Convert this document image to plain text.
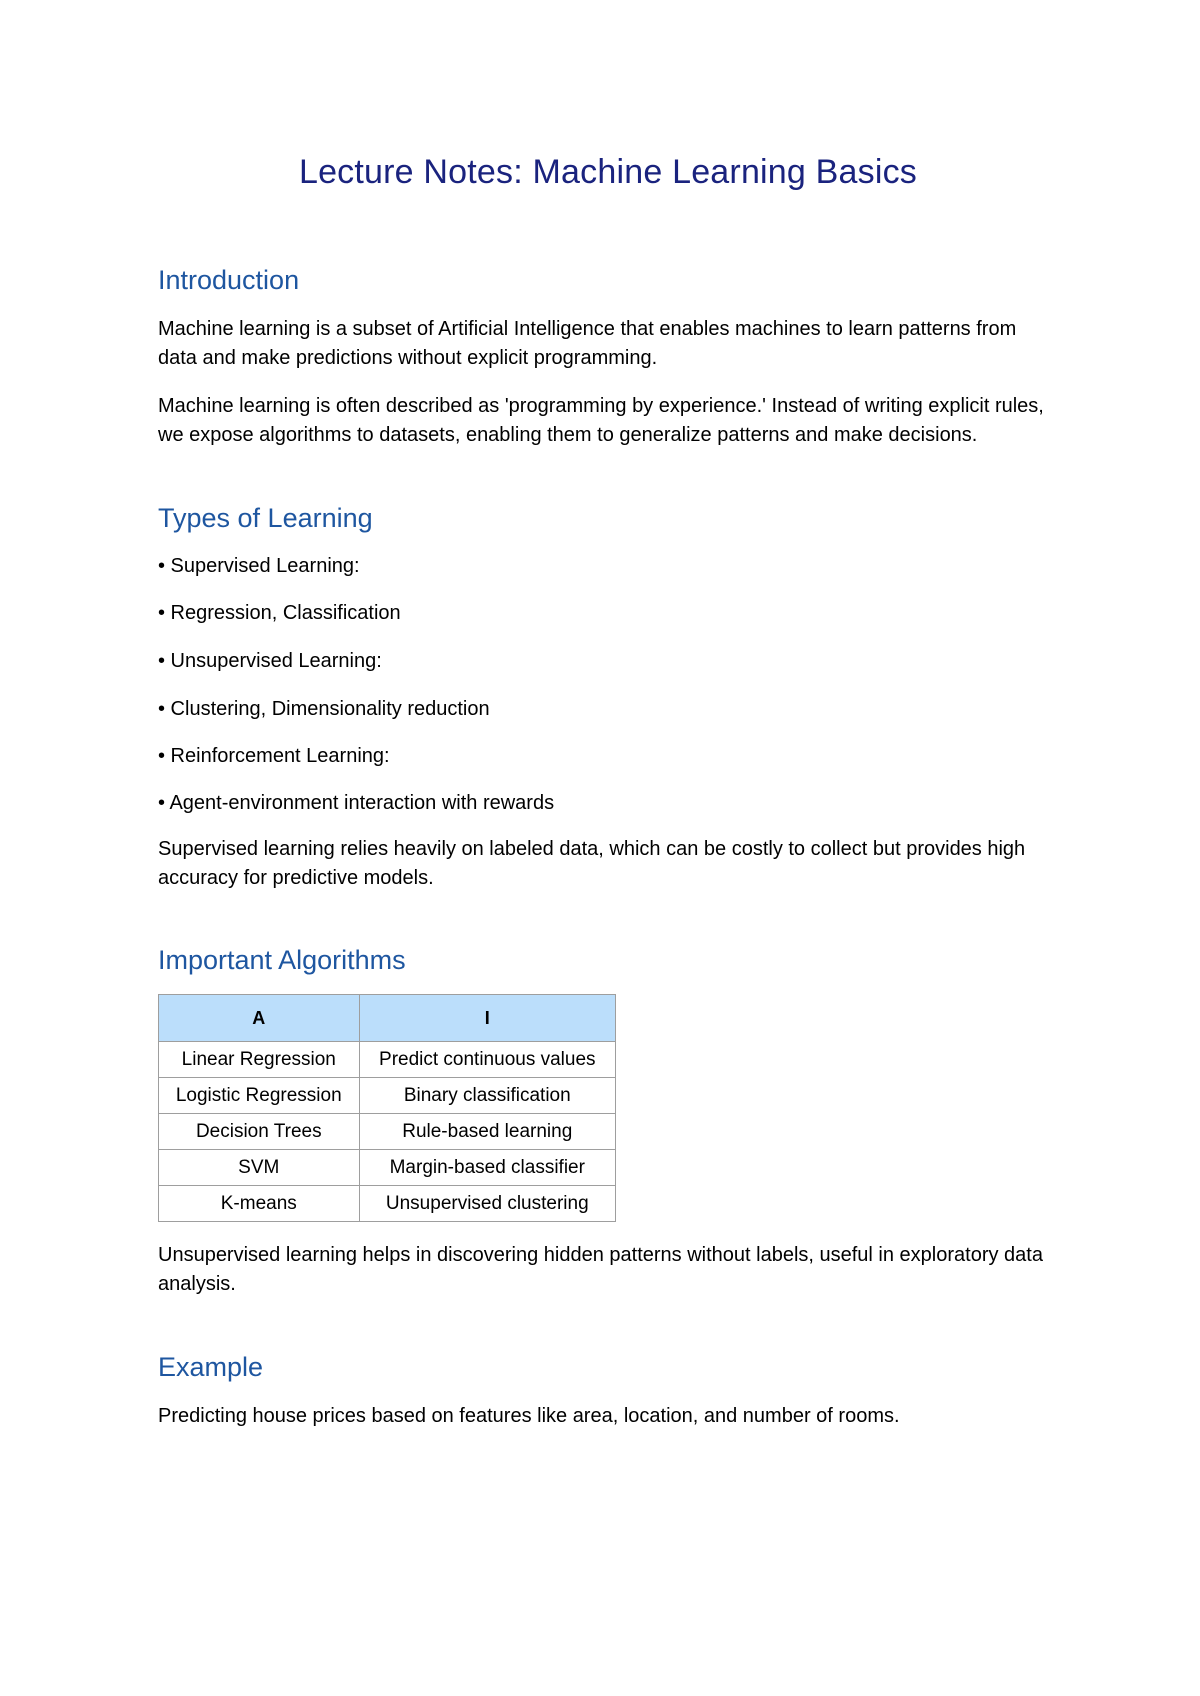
Lecture Notes: Machine Learning Basics
Introduction

Machine learning is a subset of Artificial Intelligence that enables machines to learn patterns from data and make predictions without explicit programming.

Machine learning is often described as 'programming by experience.' Instead of writing explicit rules, we expose algorithms to datasets, enabling them to generalize patterns and make decisions.

Types of Learning

• Supervised Learning:

• Regression, Classification

• Unsupervised Learning:

• Clustering, Dimensionality reduction

• Reinforcement Learning:

• Agent-environment interaction with rewards

Supervised learning relies heavily on labeled data, which can be costly to collect but provides high accuracy for predictive models.

Important Algorithms
A	I
Linear Regression	Predict continuous values
Logistic Regression	Binary classification
Decision Trees	Rule-based learning
SVM	Margin-based classifier
K-means	Unsupervised clustering

Unsupervised learning helps in discovering hidden patterns without labels, useful in exploratory data analysis.

Example

Predicting house prices based on features like area, location, and number of rooms.
